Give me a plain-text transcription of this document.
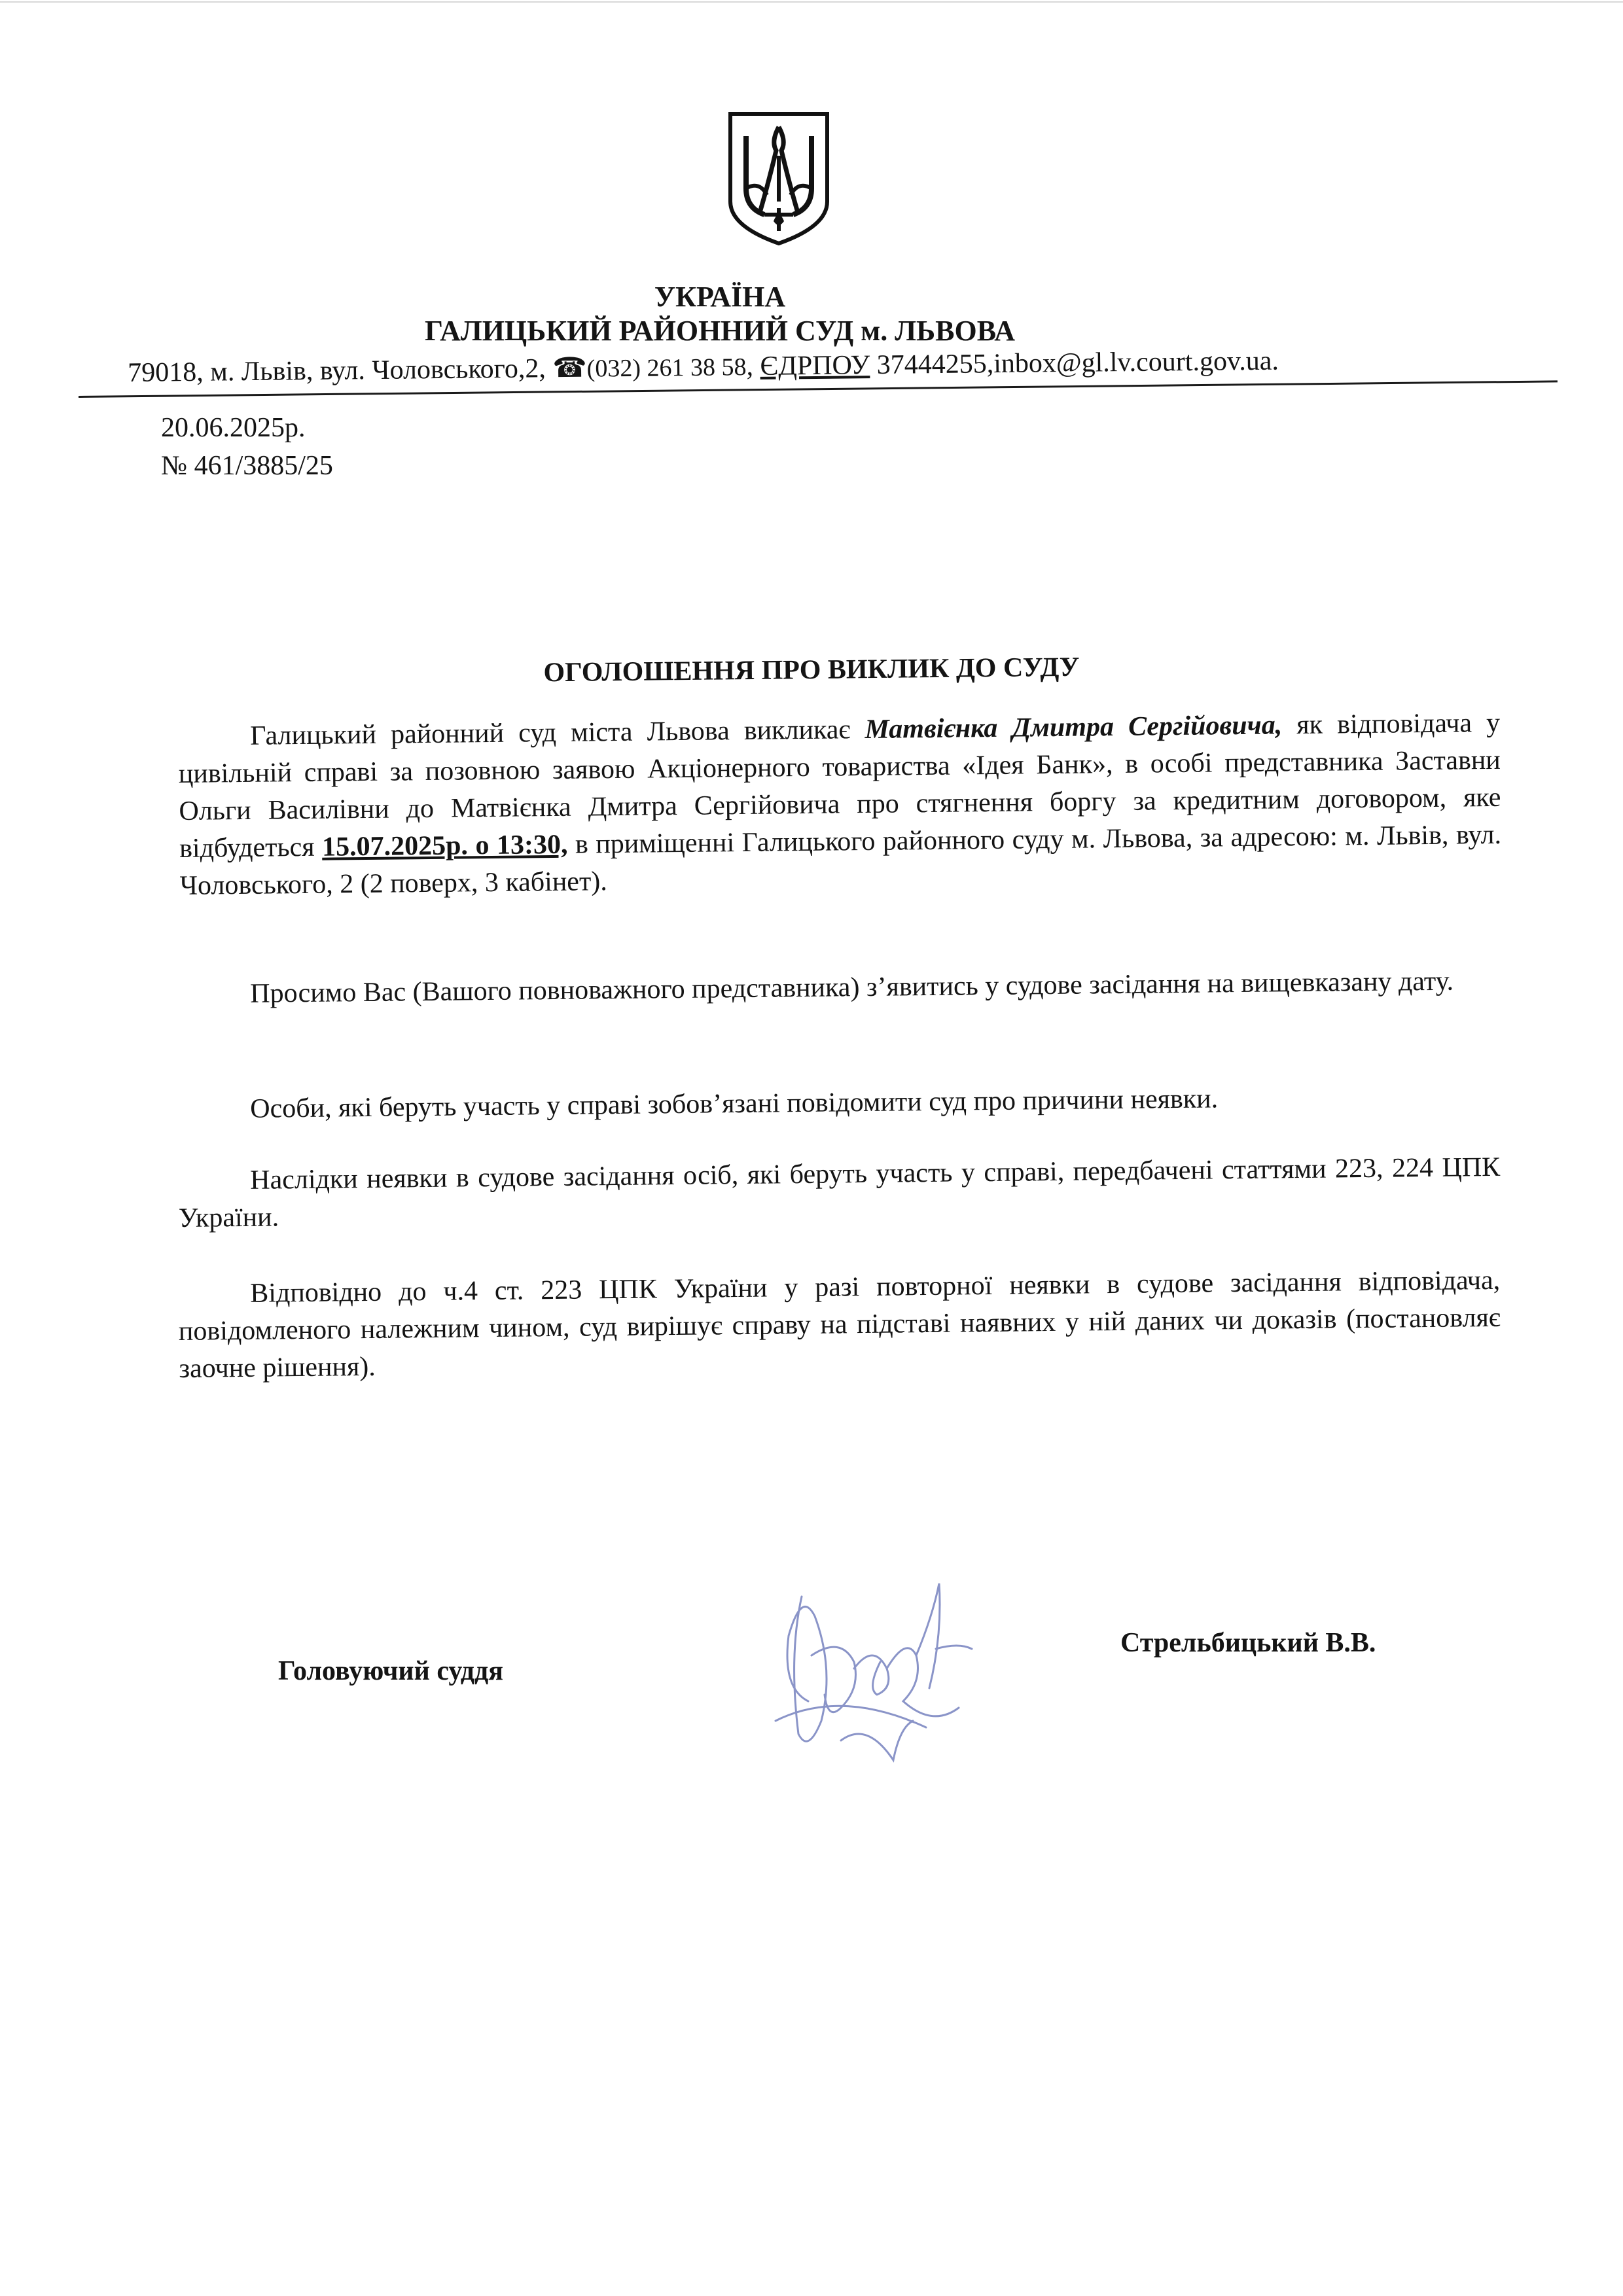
УКРАЇНА
ГАЛИЦЬКИЙ РАЙОННИЙ СУД м. ЛЬВОВА
79018, м. Львів, вул. Чоловського,2, ☎(032) 261 38 58, ЄДРПОУ 37444255,inbox@gl.lv.court.gov.ua.
20.06.2025р.
№ 461/3885/25
ОГОЛОШЕННЯ ПРО ВИКЛИК ДО СУДУ

Галицький районний суд міста Львова викликає Матвієнка Дмитра Сергійовича, як відповідача у цивільній справі за позовною заявою Акціонерного товариства «Ідея Банк», в особі представника Заставни Ольги Василівни до Матвієнка Дмитра Сергійовича про стягнення боргу за кредитним договором, яке відбудеться 15.07.2025р. о 13:30, в приміщенні Галицького районного суду м. Львова, за адресою: м. Львів, вул. Чоловського, 2 (2 поверх, 3 кабінет).

Просимо Вас (Вашого повноважного представника) з’явитись у судове засідання на вищевказану дату.

Особи, які беруть участь у справі зобов’язані повідомити суд про причини неявки.

Наслідки неявки в судове засідання осіб, які беруть участь у справі, передбачені статтями 223, 224 ЦПК України.

Відповідно до ч.4 ст. 223 ЦПК України у разі повторної неявки в судове засідання відповідача, повідомленого належним чином, суд вирішує справу на підставі наявних у ній даних чи доказів (постановляє заочне рішення).

Головуючий суддя
Стрельбицький В.В.
